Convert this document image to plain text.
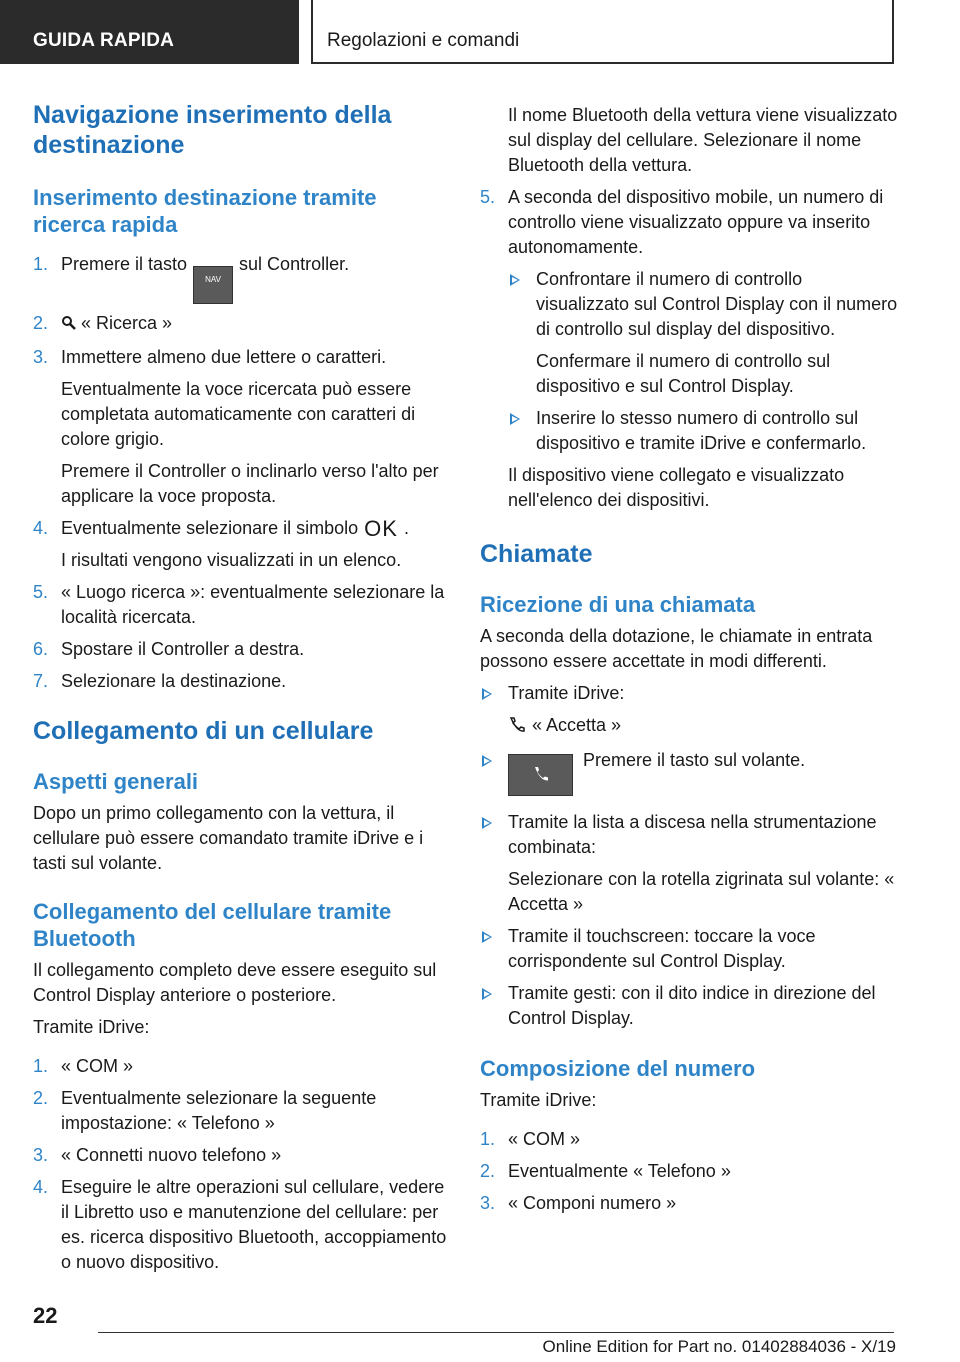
GUIDA RAPIDA	Regolazioni e comandi
Navigazione inserimento della destinazione
Inserimento destinazione tramite ricerca rapida
1. Premere il tastoNAVsul Controller.
2. « Ricerca »
3. Immettere almeno due lettere o caratteri.
Eventualmente la voce ricercata può essere completata automaticamente con caratteri di colore grigio.
Premere il Controller o inclinarlo verso l'alto per applicare la voce proposta.
4. Eventualmente selezionare il simbolo OK .
I risultati vengono visualizzati in un elenco.
5. « Luogo ricerca »: eventualmente selezionare la località ricercata.
6. Spostare il Controller a destra.
7. Selezionare la destinazione.
Collegamento di un cellulare
Aspetti generali
Dopo un primo collegamento con la vettura, il cellulare può essere comandato tramite iDrive e i tasti sul volante.
Collegamento del cellulare tramite Bluetooth
Il collegamento completo deve essere eseguito sul Control Display anteriore o posteriore.
Tramite iDrive:
1. « COM »
2. Eventualmente selezionare la seguente impostazione: « Telefono »
3. « Connetti nuovo telefono »
4. Eseguire le altre operazioni sul cellulare, vedere il Libretto uso e manutenzione del cellulare: per es. ricerca dispositivo Bluetooth, accoppiamento o nuovo dispositivo.
Il nome Bluetooth della vettura viene visualizzato sul display del cellulare. Selezionare il nome Bluetooth della vettura.
5. A seconda del dispositivo mobile, un numero di controllo viene visualizzato oppure va inserito autonomamente.
Confrontare il numero di controllo visualizzato sul Control Display con il numero di controllo sul display del dispositivo.
Confermare il numero di controllo sul dispositivo e sul Control Display.
Inserire lo stesso numero di controllo sul dispositivo e tramite iDrive e confermarlo.
Il dispositivo viene collegato e visualizzato nell'elenco dei dispositivi.
Chiamate
Ricezione di una chiamata
A seconda della dotazione, le chiamate in entrata possono essere accettate in modi differenti.
Tramite iDrive:
« Accetta »
Premere il tasto sul volante.
Tramite la lista a discesa nella strumentazione combinata:
Selezionare con la rotella zigrinata sul volante: « Accetta »
Tramite il touchscreen: toccare la voce corrispondente sul Control Display.
Tramite gesti: con il dito indice in direzione del Control Display.
Composizione del numero
Tramite iDrive:
1. « COM »
2. Eventualmente « Telefono »
3. « Componi numero »
22
Online Edition for Part no. 01402884036 - X/19
